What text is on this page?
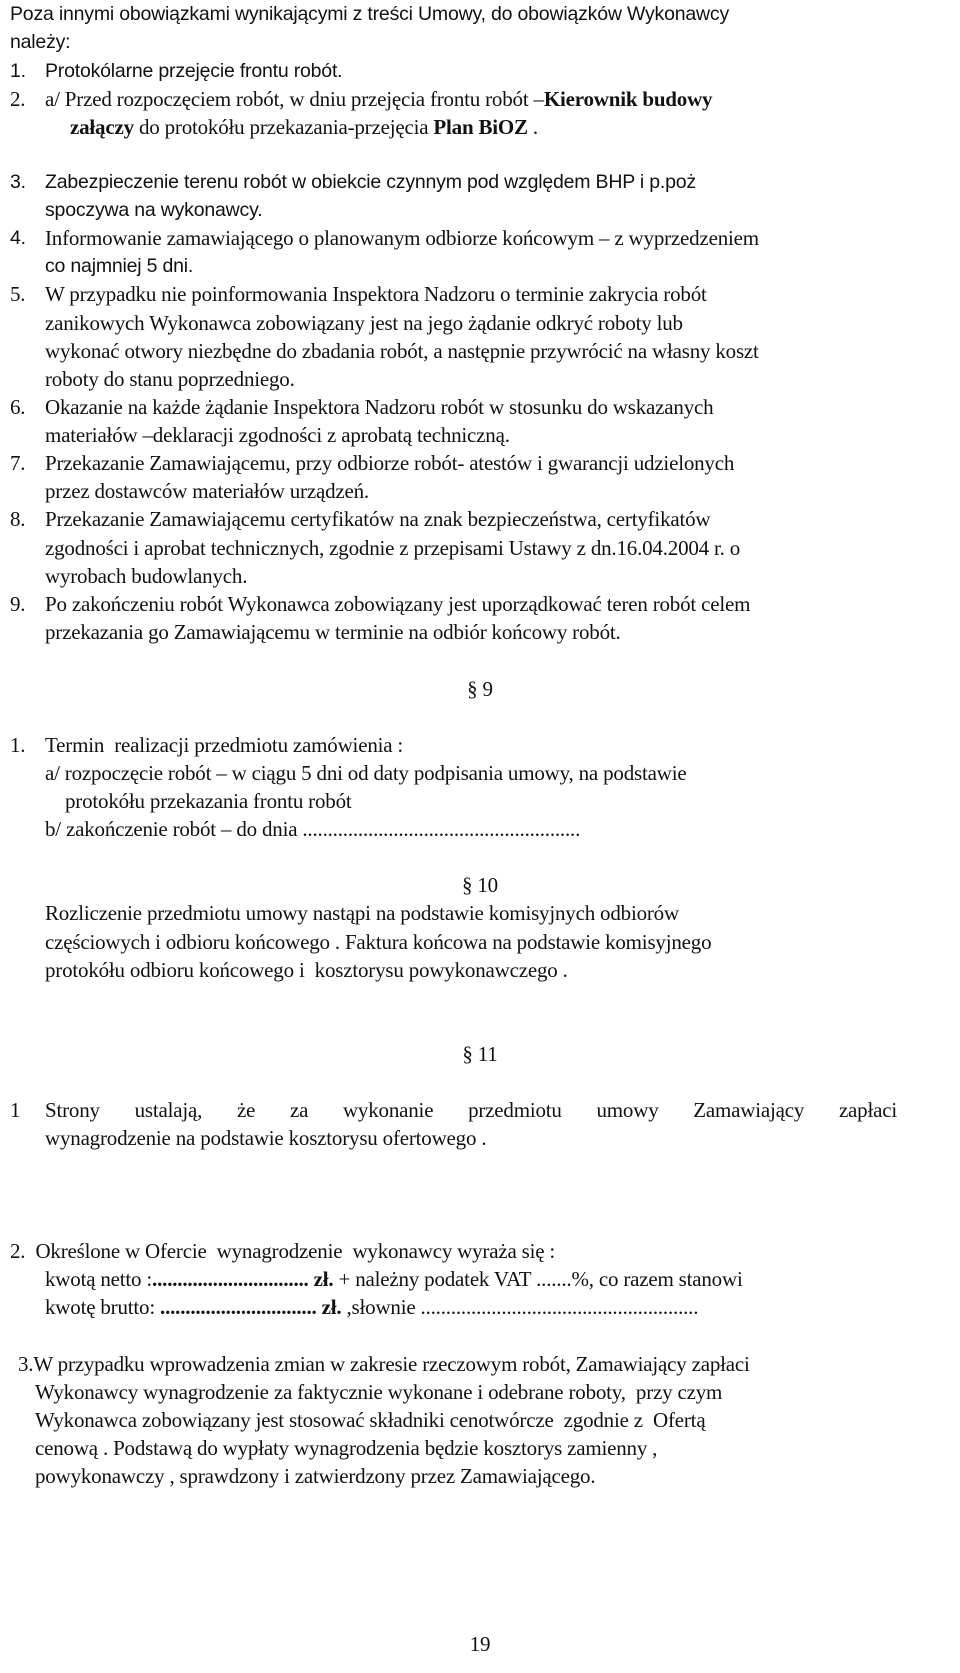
Poza innymi obowiązkami wynikającymi z treści Umowy, do obowiązków Wykonawcy
należy:
1. Protokólarne przejęcie frontu robót.
2. a/ Przed rozpoczęciem robót, w dniu przejęcia frontu robót –Kierownik budowy
załączy do protokółu przekazania-przejęcia Plan BiOZ .
3. Zabezpieczenie terenu robót w obiekcie czynnym pod względem BHP i p.poż
spoczywa na wykonawcy.
4. Informowanie zamawiającego o planowanym odbiorze końcowym – z wyprzedzeniem
co najmniej 5 dni.
5. W przypadku nie poinformowania Inspektora Nadzoru o terminie zakrycia robót
zanikowych Wykonawca zobowiązany jest na jego żądanie odkryć roboty lub
wykonać otwory niezbędne do zbadania robót, a następnie przywrócić na własny koszt
roboty do stanu poprzedniego.
6. Okazanie na każde żądanie Inspektora Nadzoru robót w stosunku do wskazanych
materiałów –deklaracji zgodności z aprobatą techniczną.
7. Przekazanie Zamawiającemu, przy odbiorze robót- atestów i gwarancji udzielonych
przez dostawców materiałów urządzeń.
8. Przekazanie Zamawiającemu certyfikatów na znak bezpieczeństwa, certyfikatów
zgodności i aprobat technicznych, zgodnie z przepisami Ustawy z dn.16.04.2004 r. o
wyrobach budowlanych.
9. Po zakończeniu robót Wykonawca zobowiązany jest uporządkować teren robót celem
przekazania go Zamawiającemu w terminie na odbiór końcowy robót.
§ 9
1. Termin  realizacji przedmiotu zamówienia :
a/ rozpoczęcie robót – w ciągu 5 dni od daty podpisania umowy, na podstawie
protokółu przekazania frontu robót
b/ zakończenie robót – do dnia .......................................................
§ 10
Rozliczenie przedmiotu umowy nastąpi na podstawie komisyjnych odbiorów
częściowych i odbioru końcowego . Faktura końcowa na podstawie komisyjnego
protokółu odbioru końcowego i  kosztorysu powykonawczego .
§ 11
1 Strony ustalają, że za wykonanie przedmiotu umowy Zamawiający zapłaci
wynagrodzenie na podstawie kosztorysu ofertowego .
2.  Określone w Ofercie  wynagrodzenie  wykonawcy wyraża się :
kwotą netto :............................... zł. + należny podatek VAT .......%, co razem stanowi
kwotę brutto: ............................... zł. ,słownie .......................................................
3.W przypadku wprowadzenia zmian w zakresie rzeczowym robót, Zamawiający zapłaci
Wykonawcy wynagrodzenie za faktycznie wykonane i odebrane roboty,  przy czym
Wykonawca zobowiązany jest stosować składniki cenotwórcze  zgodnie z  Ofertą
cenową . Podstawą do wypłaty wynagrodzenia będzie kosztorys zamienny ,
powykonawczy , sprawdzony i zatwierdzony przez Zamawiającego.
19
